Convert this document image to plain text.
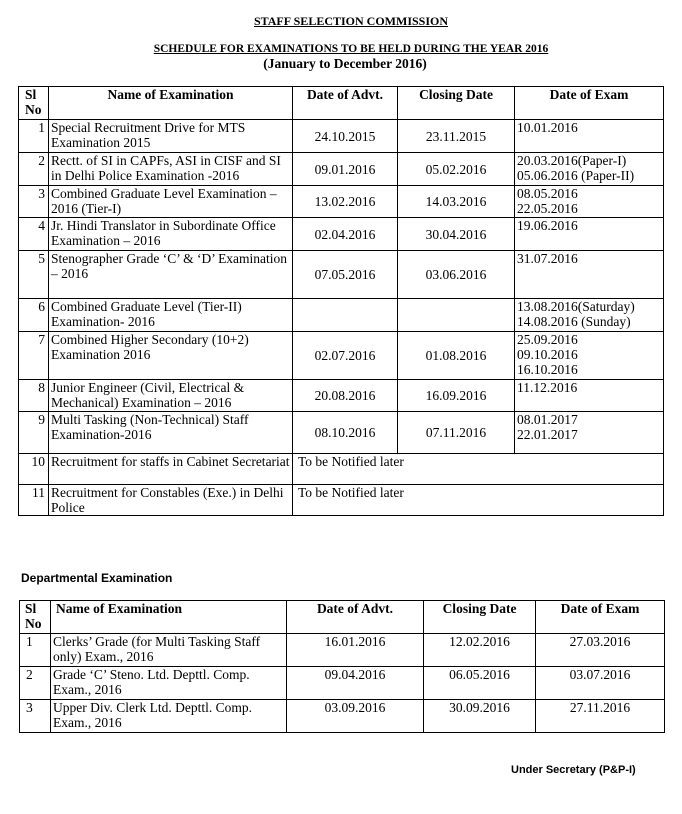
STAFF SELECTION COMMISSION
SCHEDULE FOR EXAMINATIONS TO BE HELD DURING THE YEAR 2016
(January to December 2016)
Sl No	Name of Examination	Date of Advt.	Closing Date	Date of Exam
1	Special Recruitment Drive for MTS Examination 2015	24.10.2015	23.11.2015	10.01.2016

2	Rectt. of SI in CAPFs, ASI in CISF and SI in Delhi Police Examination -2016	09.01.2016	05.02.2016	20.03.2016(Paper-I)
05.06.2016 (Paper-II)

3	Combined Graduate Level Examination – 2016 (Tier-I)	13.02.2016	14.03.2016	08.05.2016
22.05.2016

4	Jr. Hindi Translator in Subordinate Office Examination – 2016	02.04.2016	30.04.2016	19.06.2016

5	Stenographer Grade ‘C’ & ‘D’ Examination – 2016	07.05.2016	03.06.2016	31.07.2016

6	Combined Graduate Level (Tier-II) Examination- 2016			13.08.2016(Saturday)
14.08.2016 (Sunday)

7	Combined Higher Secondary (10+2) Examination 2016	02.07.2016	01.08.2016	25.09.2016
09.10.2016
16.10.2016

8	Junior Engineer (Civil, Electrical & Mechanical) Examination – 2016	20.08.2016	16.09.2016	11.12.2016

9	Multi Tasking (Non-Technical) Staff Examination-2016	08.10.2016	07.11.2016	08.01.2017
22.01.2017

10	Recruitment for staffs in Cabinet Secretariat	To be Notified later		
11	Recruitment for Constables (Exe.) in Delhi Police	To be Notified later		
Departmental Examination
Sl No	Name of Examination	Date of Advt.	Closing Date	Date of Exam
1	Clerks’ Grade (for Multi Tasking Staff only) Exam., 2016	16.01.2016	12.02.2016	27.03.2016
2	Grade ‘C’ Steno. Ltd. Depttl. Comp. Exam., 2016	09.04.2016	06.05.2016	03.07.2016
3	Upper Div. Clerk Ltd. Depttl. Comp. Exam., 2016	03.09.2016	30.09.2016	27.11.2016
Under Secretary (P&P-I)
